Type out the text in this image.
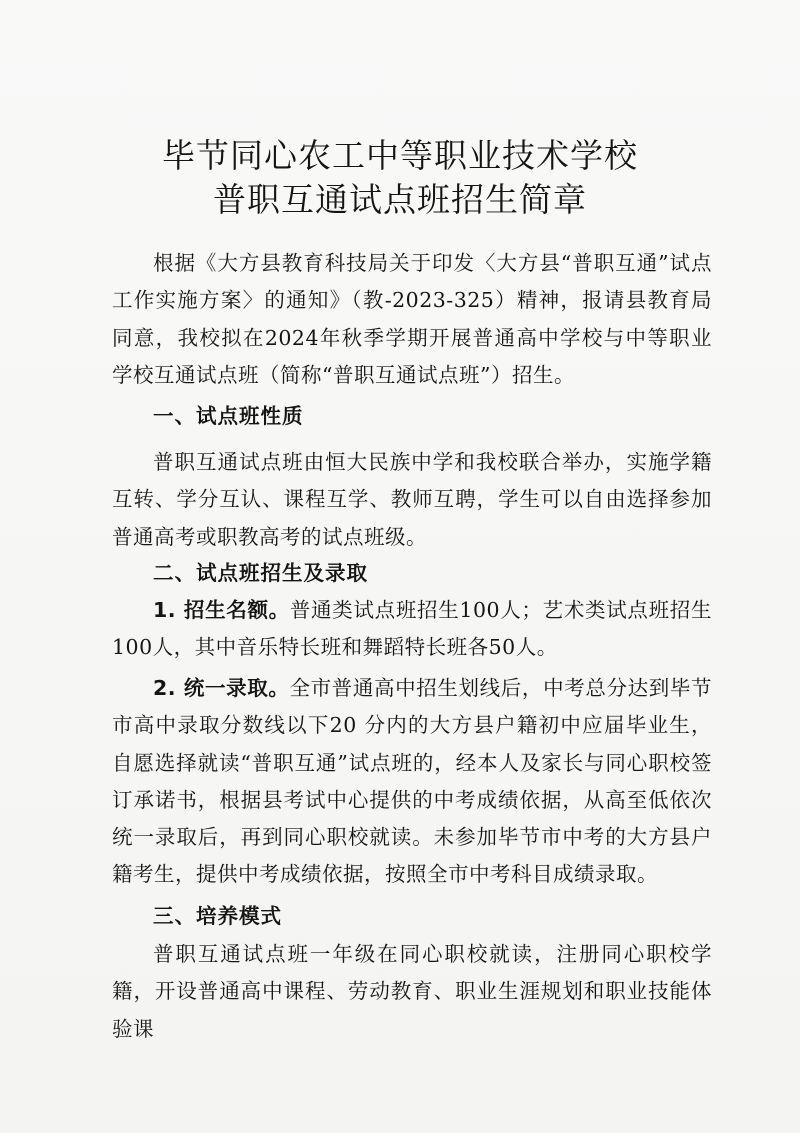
毕节同心农工中等职业技术学校
普职互通试点班招生简章
根据《大方县教育科技局关于印发〈大方县“普职互通”试点工作实施方案〉的通知》（教-2023-325）精神，报请县教育局同意，我校拟在2024年秋季学期开展普通高中学校与中等职业学校互通试点班（简称“普职互通试点班”）招生。
一、试点班性质
普职互通试点班由恒大民族中学和我校联合举办，实施学籍互转、学分互认、课程互学、教师互聘，学生可以自由选择参加普通高考或职教高考的试点班级。
二、试点班招生及录取
1. 招生名额。普通类试点班招生100人；艺术类试点班招生100人，其中音乐特长班和舞蹈特长班各50人。
2. 统一录取。全市普通高中招生划线后，中考总分达到毕节市高中录取分数线以下20 分内的大方县户籍初中应届毕业生，自愿选择就读“普职互通”试点班的，经本人及家长与同心职校签订承诺书，根据县考试中心提供的中考成绩依据，从高至低依次统一录取后，再到同心职校就读。未参加毕节市中考的大方县户籍考生，提供中考成绩依据，按照全市中考科目成绩录取。
三、培养模式
普职互通试点班一年级在同心职校就读，注册同心职校学籍，开设普通高中课程、劳动教育、职业生涯规划和职业技能体验课
